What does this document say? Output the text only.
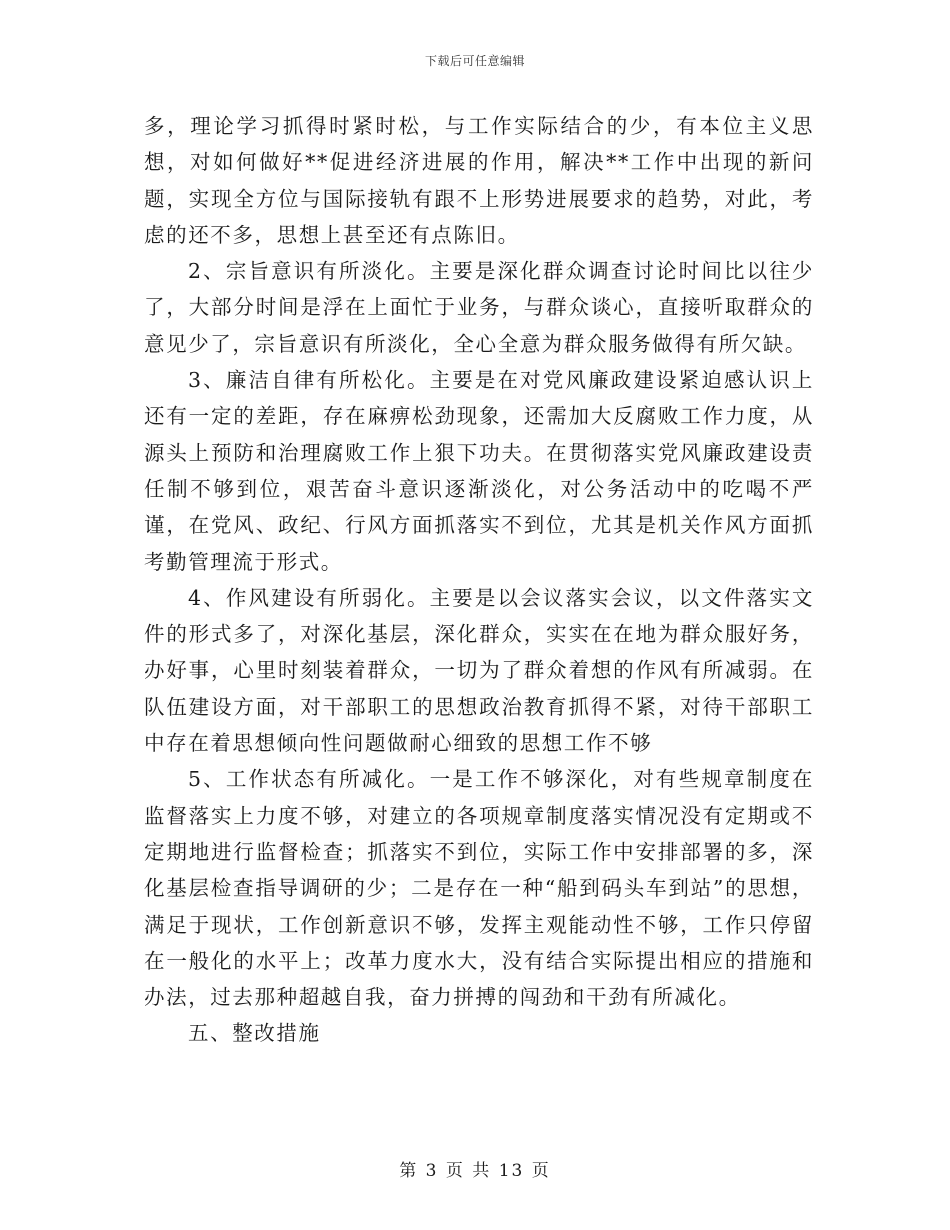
下载后可任意编辑

多，理论学习抓得时紧时松，与工作实际结合的少，有本位主义思想，对如何做好**促进经济进展的作用，解决**工作中出现的新问题，实现全方位与国际接轨有跟不上形势进展要求的趋势，对此，考虑的还不多，思想上甚至还有点陈旧。

2、宗旨意识有所淡化。主要是深化群众调查讨论时间比以往少了，大部分时间是浮在上面忙于业务，与群众谈心，直接听取群众的意见少了，宗旨意识有所淡化，全心全意为群众服务做得有所欠缺。

3、廉洁自律有所松化。主要是在对党风廉政建设紧迫感认识上还有一定的差距，存在麻痹松劲现象，还需加大反腐败工作力度，从源头上预防和治理腐败工作上狠下功夫。在贯彻落实党风廉政建设责任制不够到位，艰苦奋斗意识逐渐淡化，对公务活动中的吃喝不严谨，在党风、政纪、行风方面抓落实不到位，尤其是机关作风方面抓考勤管理流于形式。

4、作风建设有所弱化。主要是以会议落实会议，以文件落实文件的形式多了，对深化基层，深化群众，实实在在地为群众服好务，办好事，心里时刻装着群众，一切为了群众着想的作风有所减弱。在队伍建设方面，对干部职工的思想政治教育抓得不紧，对待干部职工中存在着思想倾向性问题做耐心细致的思想工作不够

5、工作状态有所减化。一是工作不够深化，对有些规章制度在监督落实上力度不够，对建立的各项规章制度落实情况没有定期或不定期地进行监督检查；抓落实不到位，实际工作中安排部署的多，深化基层检查指导调研的少；二是存在一种“船到码头车到站”的思想，满足于现状，工作创新意识不够，发挥主观能动性不够，工作只停留在一般化的水平上；改革力度水大，没有结合实际提出相应的措施和办法，过去那种超越自我，奋力拼搏的闯劲和干劲有所减化。

五、整改措施

第 3 页 共 13 页
